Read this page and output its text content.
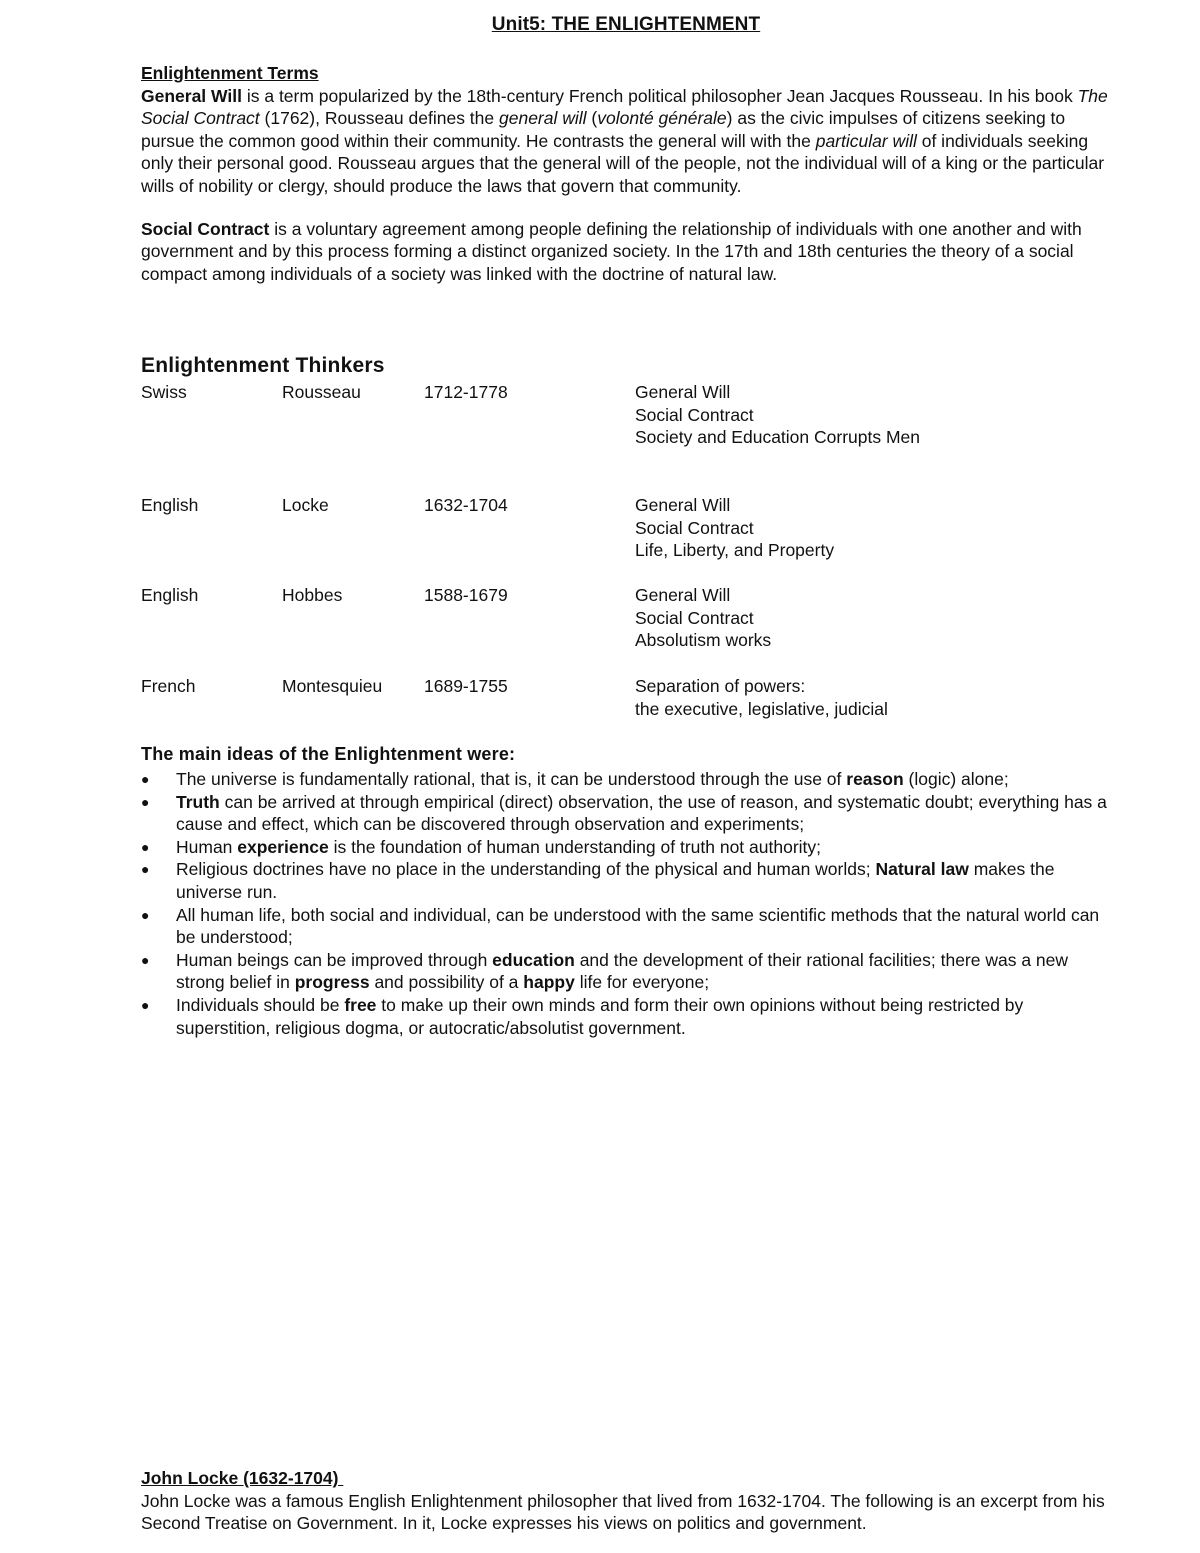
Unit5: THE ENLIGHTENMENT
Enlightenment Terms

General Will is a term popularized by the 18th-century French political philosopher Jean Jacques Rousseau. In his book The Social Contract (1762), Rousseau defines the general will (volonté générale) as the civic impulses of citizens seeking to pursue the common good within their community. He contrasts the general will with the particular will of individuals seeking only their personal good. Rousseau argues that the general will of the people, not the individual will of a king or the particular wills of nobility or clergy, should produce the laws that govern that community.

Social Contract is a voluntary agreement among people defining the relationship of individuals with one another and with government and by this process forming a distinct organized society. In the 17th and 18th centuries the theory of a social compact among individuals of a society was linked with the doctrine of natural law.

Enlightenment Thinkers
Swiss	Rousseau	1712-1778	General Will
Social Contract
Society and Education Corrupts Men
English	Locke	1632-1704	General Will
Social Contract
Life, Liberty, and Property
English	Hobbes	1588-1679	General Will
Social Contract
Absolutism works
French	Montesquieu 1689-1755	Separation of powers:
the executive, legislative, judicial
The main ideas of the Enlightenment were:
●	The universe is fundamentally rational, that is, it can be understood through the use of reason (logic) alone;
●	Truth can be arrived at through empirical (direct) observation, the use of reason, and systematic doubt; everything has a cause and effect, which can be discovered through observation and experiments;
●	Human experience is the foundation of human understanding of truth not authority;
●	Religious doctrines have no place in the understanding of the physical and human worlds; Natural law makes the universe run.
●	All human life, both social and individual, can be understood with the same scientific methods that the natural world can be understood;
●	Human beings can be improved through education and the development of their rational facilities; there was a new strong belief in progress and possibility of a happy life for everyone;
●	Individuals should be free to make up their own minds and form their own opinions without being restricted by superstition, religious dogma, or autocratic/absolutist government.
John Locke (1632-1704)
John Locke was a famous English Enlightenment philosopher that lived from 1632-1704. The following is an excerpt from his Second Treatise on Government. In it, Locke expresses his views on politics and government.
